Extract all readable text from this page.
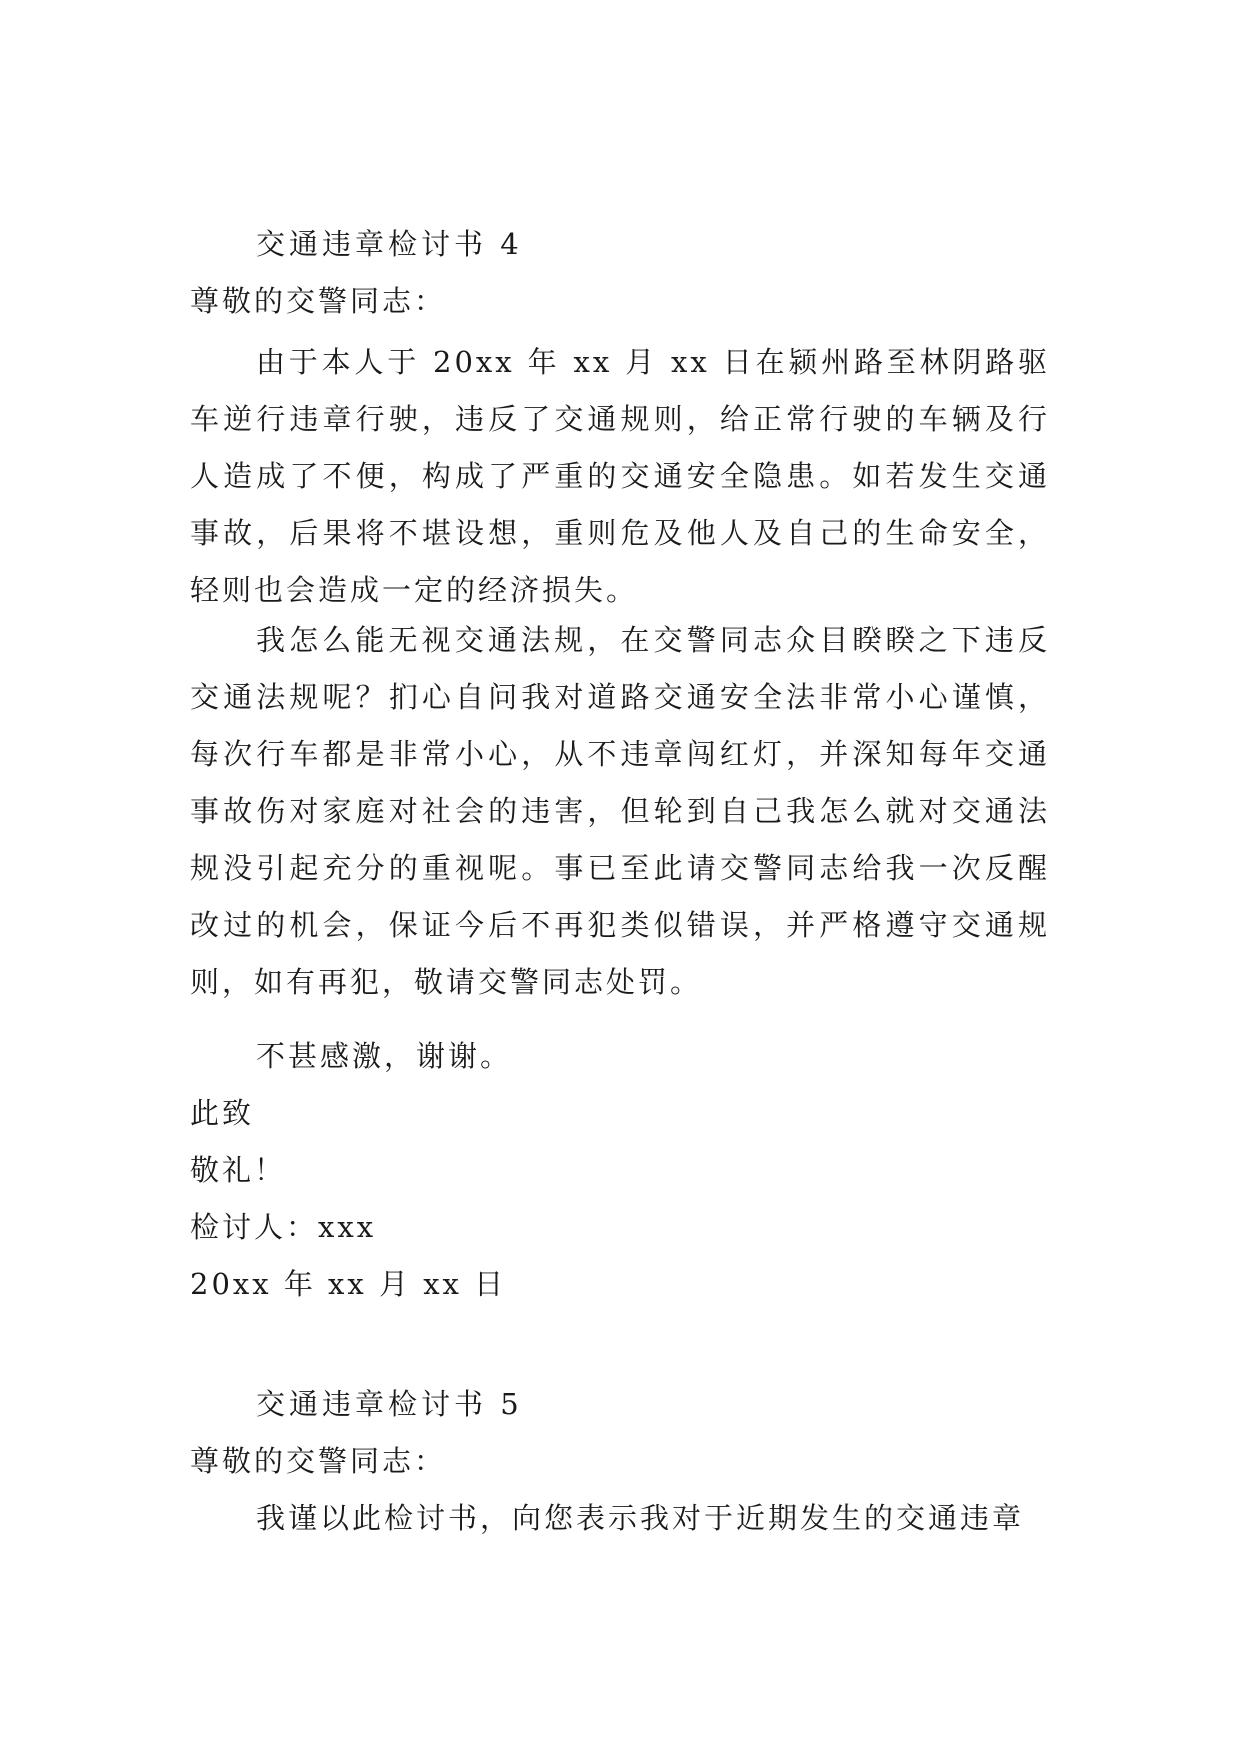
交通违章检讨书 4
尊敬的交警同志：
由于本人于 20xx 年 xx 月 xx 日在颍州路至林阴路驱车逆行违章行驶，违反了交通规则，给正常行驶的车辆及行人造成了不便，构成了严重的交通安全隐患。如若发生交通事故，后果将不堪设想，重则危及他人及自己的生命安全，轻则也会造成一定的经济损失。
我怎么能无视交通法规，在交警同志众目睽睽之下违反交通法规呢？扪心自问我对道路交通安全法非常小心谨慎，每次行车都是非常小心，从不违章闯红灯，并深知每年交通事故伤对家庭对社会的违害，但轮到自己我怎么就对交通法规没引起充分的重视呢。事已至此请交警同志给我一次反醒改过的机会，保证今后不再犯类似错误，并严格遵守交通规则，如有再犯，敬请交警同志处罚。
不甚感激，谢谢。
此致
敬礼！
检讨人：xxx
20xx 年 xx 月 xx 日
交通违章检讨书 5
尊敬的交警同志：
我谨以此检讨书，向您表示我对于近期发生的交通违章
